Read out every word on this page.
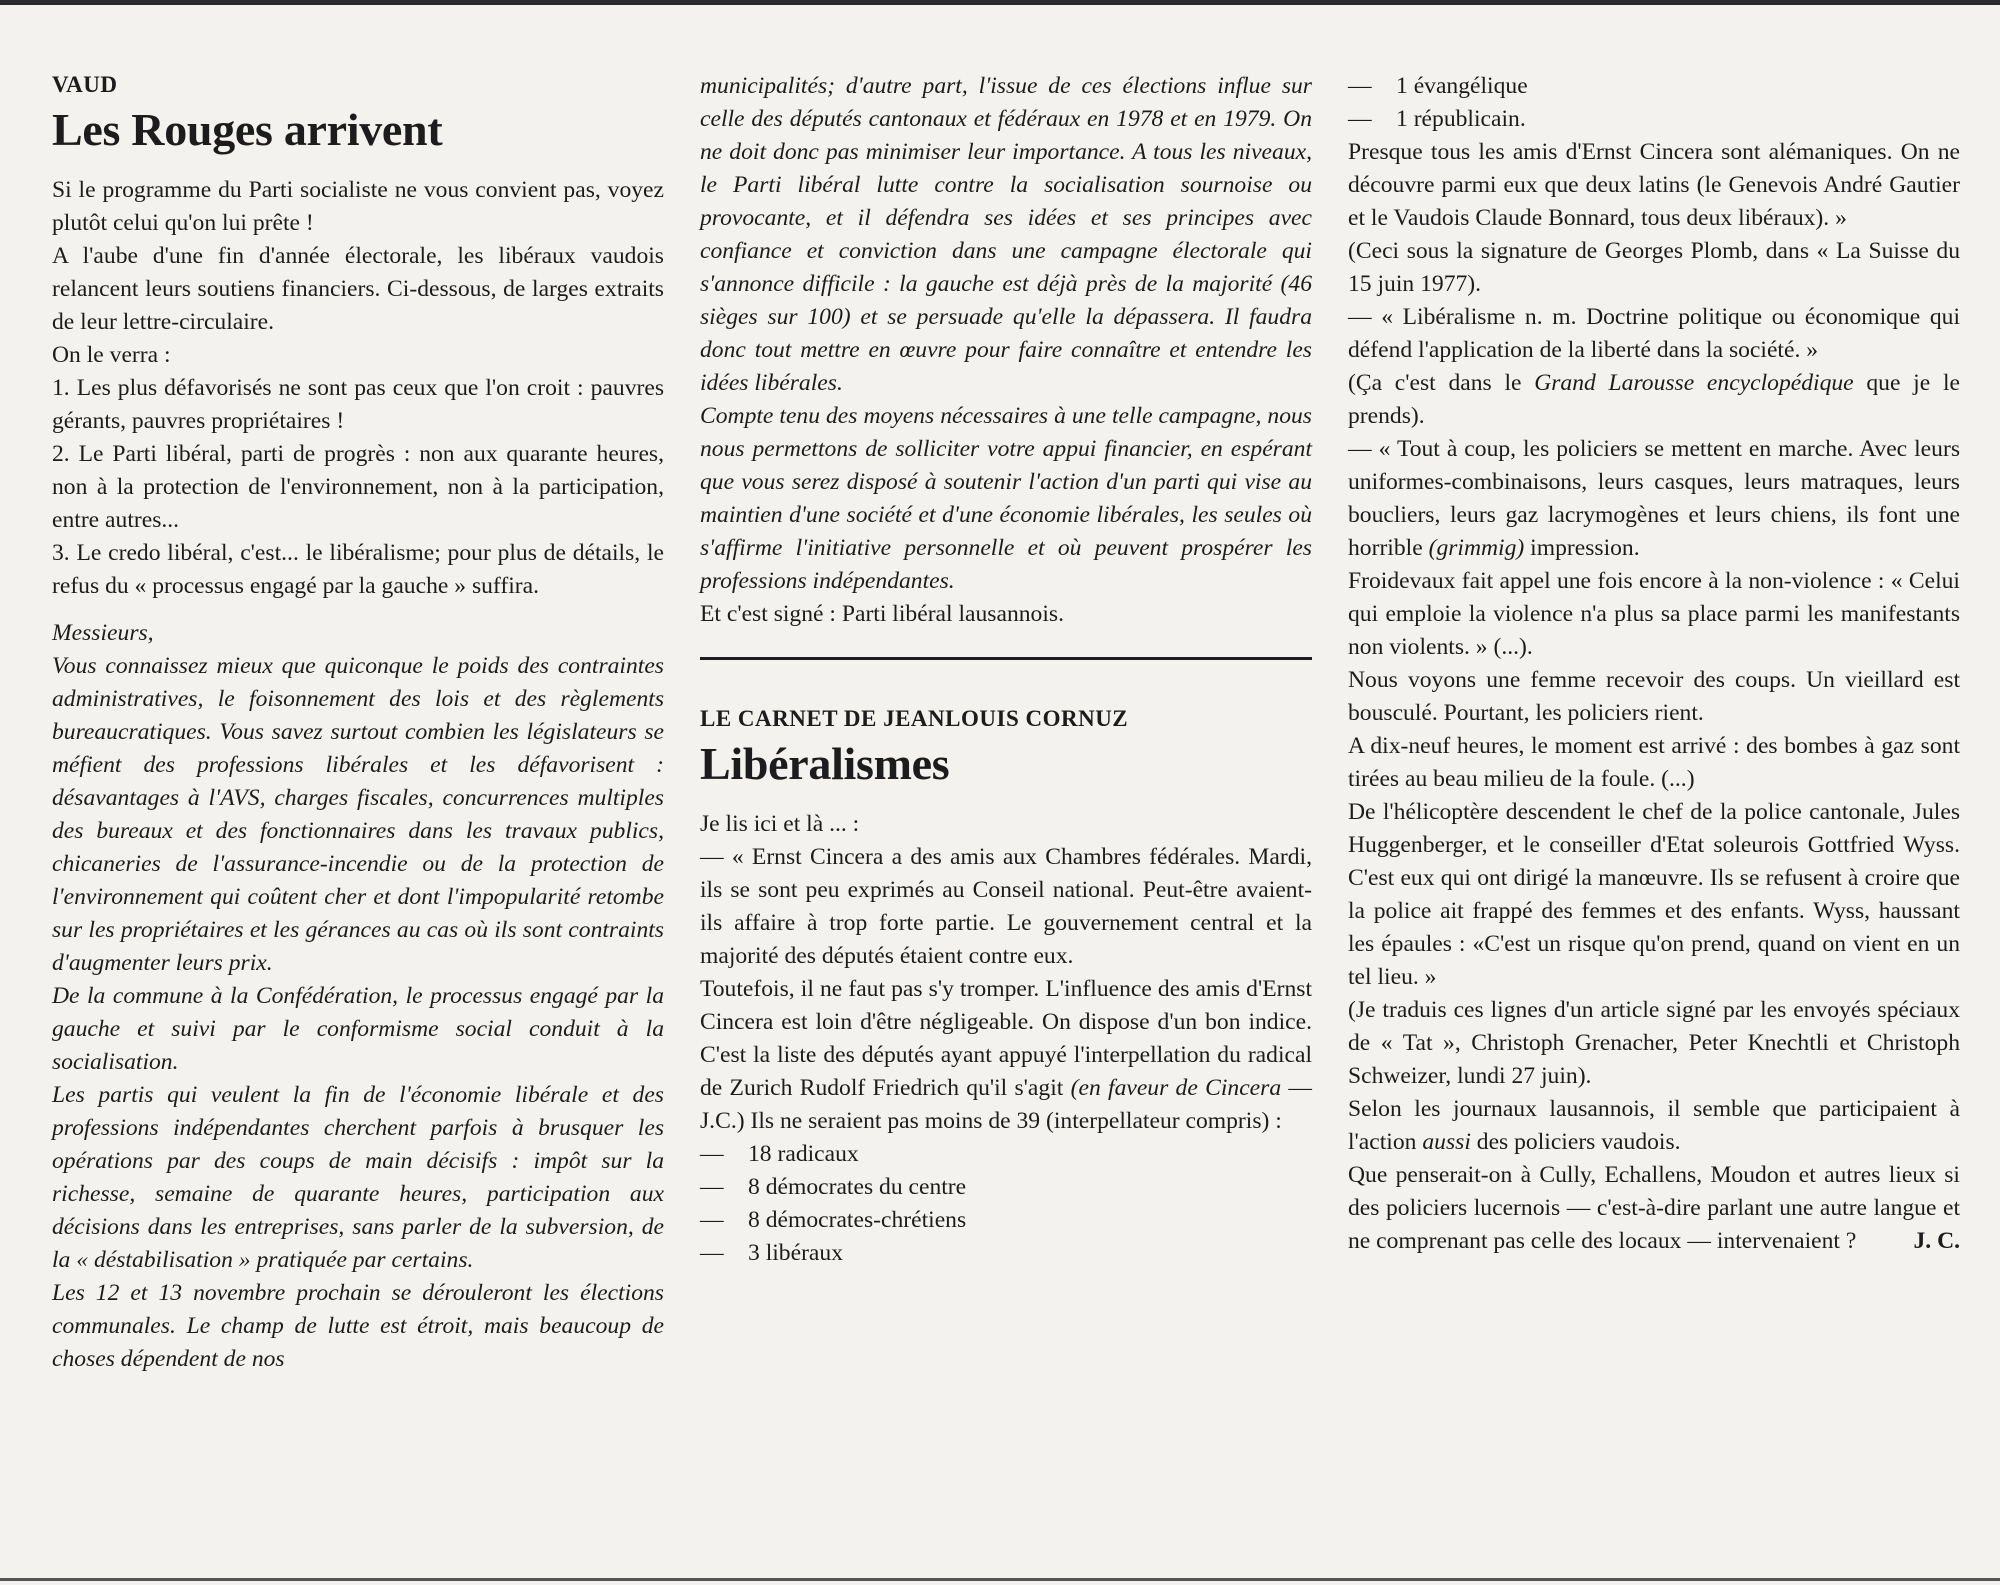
VAUD
Les Rouges arrivent

Si le programme du Parti socialiste ne vous convient pas, voyez plutôt celui qu'on lui prête !

A l'aube d'une fin d'année électorale, les libéraux vaudois relancent leurs soutiens financiers. Ci-dessous, de larges extraits de leur lettre-circulaire.

On le verra :

1. Les plus défavorisés ne sont pas ceux que l'on croit : pauvres gérants, pauvres propriétaires !

2. Le Parti libéral, parti de progrès : non aux quarante heures, non à la protection de l'environnement, non à la participation, entre autres...

3. Le credo libéral, c'est... le libéralisme; pour plus de détails, le refus du « processus engagé par la gauche » suffira.

Messieurs,

Vous connaissez mieux que quiconque le poids des contraintes administratives, le foisonnement des lois et des règlements bureaucratiques. Vous savez surtout combien les législateurs se méfient des professions libérales et les défavorisent : désavantages à l'AVS, charges fiscales, concurrences multiples des bureaux et des fonctionnaires dans les travaux publics, chicaneries de l'assurance-incendie ou de la protection de l'environnement qui coûtent cher et dont l'impopularité retombe sur les propriétaires et les gérances au cas où ils sont contraints d'augmenter leurs prix.

De la commune à la Confédération, le processus engagé par la gauche et suivi par le conformisme social conduit à la socialisation.

Les partis qui veulent la fin de l'économie libérale et des professions indépendantes cherchent parfois à brusquer les opérations par des coups de main décisifs : impôt sur la richesse, semaine de quarante heures, participation aux décisions dans les entreprises, sans parler de la subversion, de la « déstabilisation » pratiquée par certains.

Les 12 et 13 novembre prochain se dérouleront les élections communales. Le champ de lutte est étroit, mais beaucoup de choses dépendent de nos

municipalités; d'autre part, l'issue de ces élections influe sur celle des députés cantonaux et fédéraux en 1978 et en 1979. On ne doit donc pas minimiser leur importance. A tous les niveaux, le Parti libéral lutte contre la socialisation sournoise ou provocante, et il défendra ses idées et ses principes avec confiance et conviction dans une campagne électorale qui s'annonce difficile : la gauche est déjà près de la majorité (46 sièges sur 100) et se persuade qu'elle la dépassera. Il faudra donc tout mettre en œuvre pour faire connaître et entendre les idées libérales.

Compte tenu des moyens nécessaires à une telle campagne, nous nous permettons de solliciter votre appui financier, en espérant que vous serez disposé à soutenir l'action d'un parti qui vise au maintien d'une société et d'une économie libérales, les seules où s'affirme l'initiative personnelle et où peuvent prospérer les professions indépendantes.

Et c'est signé : Parti libéral lausannois.

LE CARNET DE JEANLOUIS CORNUZ
Libéralismes

Je lis ici et là ... :

— « Ernst Cincera a des amis aux Chambres fédérales. Mardi, ils se sont peu exprimés au Conseil national. Peut-être avaient-ils affaire à trop forte partie. Le gouvernement central et la majorité des députés étaient contre eux.

Toutefois, il ne faut pas s'y tromper. L'influence des amis d'Ernst Cincera est loin d'être négligeable. On dispose d'un bon indice. C'est la liste des députés ayant appuyé l'interpellation du radical de Zurich Rudolf Friedrich qu'il s'agit (en faveur de Cincera — J.C.) Ils ne seraient pas moins de 39 (interpellateur compris) :

—	18 radicaux
—	8 démocrates du centre
—	8 démocrates-chrétiens
—	3 libéraux
—	1 évangélique
—	1 républicain.

Presque tous les amis d'Ernst Cincera sont alémaniques. On ne découvre parmi eux que deux latins (le Genevois André Gautier et le Vaudois Claude Bonnard, tous deux libéraux). »

(Ceci sous la signature de Georges Plomb, dans « La Suisse du 15 juin 1977).

— « Libéralisme n. m. Doctrine politique ou économique qui défend l'application de la liberté dans la société. »

(Ça c'est dans le Grand Larousse encyclopédique que je le prends).

— « Tout à coup, les policiers se mettent en marche. Avec leurs uniformes-combinaisons, leurs casques, leurs matraques, leurs boucliers, leurs gaz lacrymogènes et leurs chiens, ils font une horrible (grimmig) impression.

Froidevaux fait appel une fois encore à la non-violence : « Celui qui emploie la violence n'a plus sa place parmi les manifestants non violents. » (...).

Nous voyons une femme recevoir des coups. Un vieillard est bousculé. Pourtant, les policiers rient.

A dix-neuf heures, le moment est arrivé : des bombes à gaz sont tirées au beau milieu de la foule. (...)

De l'hélicoptère descendent le chef de la police cantonale, Jules Huggenberger, et le conseiller d'Etat soleurois Gottfried Wyss. C'est eux qui ont dirigé la manœuvre. Ils se refusent à croire que la police ait frappé des femmes et des enfants. Wyss, haussant les épaules : «C'est un risque qu'on prend, quand on vient en un tel lieu. »

(Je traduis ces lignes d'un article signé par les envoyés spéciaux de « Tat », Christoph Grenacher, Peter Knechtli et Christoph Schweizer, lundi 27 juin).

Selon les journaux lausannois, il semble que participaient à l'action aussi des policiers vaudois.

Que penserait-on à Cully, Echallens, Moudon et autres lieux si des policiers lucernois — c'est-à-dire parlant une autre langue et ne comprenant pas celle des locaux — intervenaient ? J. C.
